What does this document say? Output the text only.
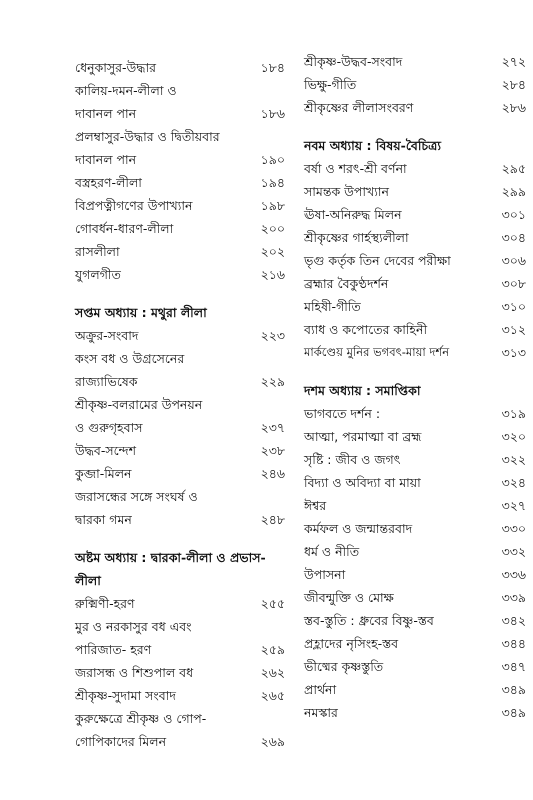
ধেনুকাসুর-উদ্ধার	১৮৪
কালিয়-দমন-লীলা ও
দাবানল পান	১৮৬
প্রলম্বাসুর-উদ্ধার ও দ্বিতীয়বার
দাবানল পান	১৯০
বস্ত্রহরণ-লীলা	১৯৪
বিপ্রপত্নীগণের উপাখ্যান	১৯৮
গোবর্ধন-ধারণ-লীলা	২০০
রাসলীলা	২০২
যুগলগীত	২১৬
সপ্তম অধ্যায় : মথুরা লীলা
অক্রুর-সংবাদ	২২৩
কংস বধ ও উগ্রসেনের
রাজ্যাভিষেক	২২৯
শ্রীকৃষ্ণ-বলরামের উপনয়ন
ও গুরুগৃহবাস	২৩৭
উদ্ধব-সন্দেশ	২৩৮
কুব্জা-মিলন	২৪৬
জরাসন্ধের সঙ্গে সংঘর্ষ ও
দ্বারকা গমন	২৪৮
অষ্টম অধ্যায় : দ্বারকা-লীলা ও প্রভাস-
লীলা
রুক্মিণী-হরণ	২৫৫
মুর ও নরকাসুর বধ এবং
পারিজাত- হরণ	২৫৯
জরাসন্ধ ও শিশুপাল বধ	২৬২
শ্রীকৃষ্ণ-সুদামা সংবাদ	২৬৫
কুরুক্ষেত্রে শ্রীকৃষ্ণ ও গোপ-
গোপিকাদের মিলন	২৬৯
শ্রীকৃষ্ণ-উদ্ধব-সংবাদ	২৭২
ভিক্ষু-গীতি	২৮৪
শ্রীকৃষ্ণের লীলাসংবরণ	২৮৬
নবম অধ্যায় : বিষয়-বৈচিত্র্য
বর্ষা ও শরৎ-শ্রী বর্ণনা	২৯৫
সামন্তক উপাখ্যান	২৯৯
ঊষা-অনিরুদ্ধ মিলন	৩০১
শ্রীকৃষ্ণের গার্হস্থ্যলীলা	৩০৪
ভৃগু কর্তৃক তিন দেবের পরীক্ষা	৩০৬
ব্রহ্মার বৈকুণ্ঠদর্শন	৩০৮
মহিষী-গীতি	৩১০
ব্যাধ ও কপোতের কাহিনী	৩১২
মার্কণ্ডেয় মুনির ভগবৎ-মায়া দর্শন	৩১৩
দশম অধ্যায় : সমাপ্তিকা
ভাগবতে দর্শন :	৩১৯
আত্মা, পরমাত্মা বা ব্রহ্ম	৩২০
সৃষ্টি : জীব ও জগৎ	৩২২
বিদ্যা ও অবিদ্যা বা মায়া	৩২৪
ঈশ্বর	৩২৭
কর্মফল ও জন্মান্তরবাদ	৩৩০
ধর্ম ও নীতি	৩৩২
উপাসনা	৩৩৬
জীবন্মুক্তি ও মোক্ষ	৩৩৯
স্তব-স্তুতি : ধ্রুবের বিষ্ণু-স্তব	৩৪২
প্রহ্লাদের নৃসিংহ-স্তব	৩৪৪
ভীষ্মের কৃষ্ণস্তুতি	৩৪৭
প্রার্থনা	৩৪৯
নমস্কার	৩৪৯
